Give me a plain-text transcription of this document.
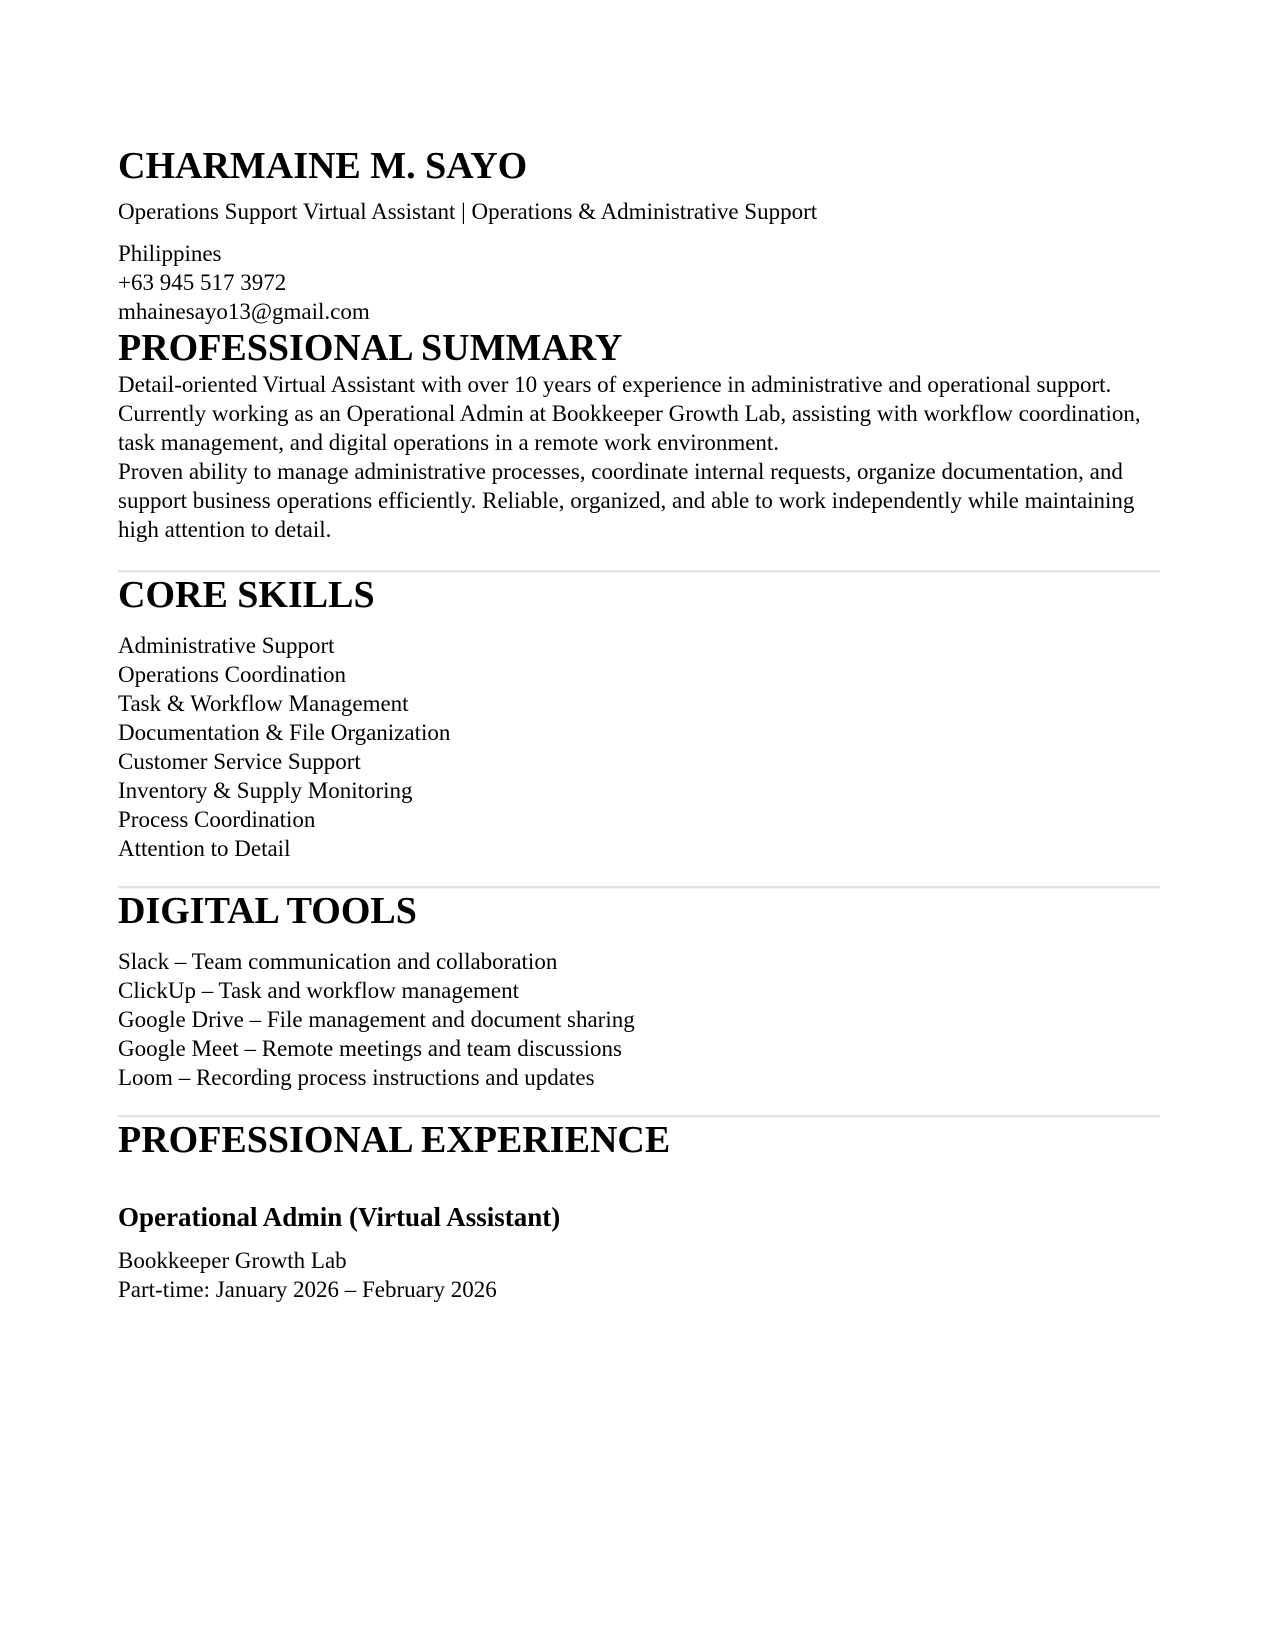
CHARMAINE M. SAYO
Operations Support Virtual Assistant | Operations & Administrative Support
Philippines
+63 945 517 3972
mhainesayo13@gmail.com
PROFESSIONAL SUMMARY

Detail-oriented Virtual Assistant with over 10 years of experience in administrative and operational support. Currently working as an Operational Admin at Bookkeeper Growth Lab, assisting with workflow coordination, task management, and digital operations in a remote work environment.

Proven ability to manage administrative processes, coordinate internal requests, organize documentation, and support business operations efficiently. Reliable, organized, and able to work independently while maintaining high attention to detail.

CORE SKILLS
Administrative Support
Operations Coordination
Task & Workflow Management
Documentation & File Organization
Customer Service Support
Inventory & Supply Monitoring
Process Coordination
Attention to Detail
DIGITAL TOOLS
Slack – Team communication and collaboration
ClickUp – Task and workflow management
Google Drive – File management and document sharing
Google Meet – Remote meetings and team discussions
Loom – Recording process instructions and updates
PROFESSIONAL EXPERIENCE
Operational Admin (Virtual Assistant)
Bookkeeper Growth Lab
Part-time: January 2026 – February 2026
